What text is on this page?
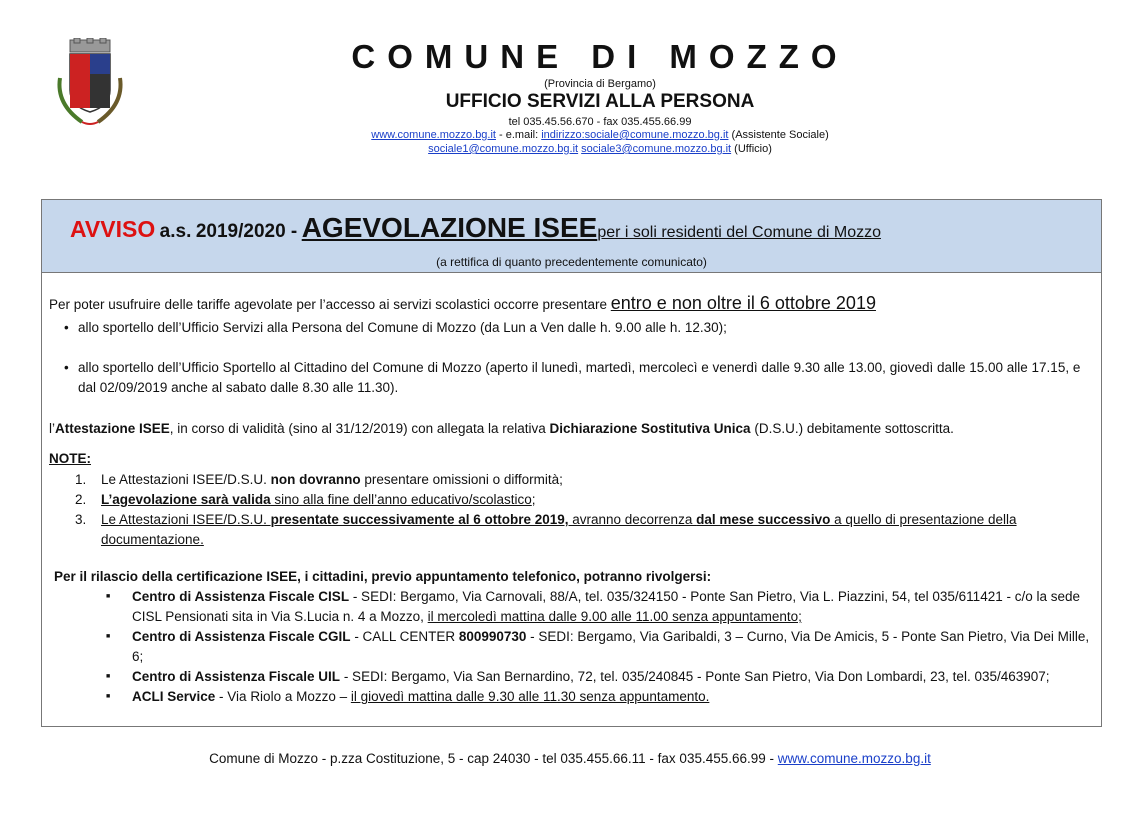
COMUNE DI MOZZO
(Provincia di Bergamo)
UFFICIO SERVIZI ALLA PERSONA
tel 035.45.56.670 - fax 035.455.66.99
www.comune.mozzo.bg.it - e.mail: indirizzo:sociale@comune.mozzo.bg.it (Assistente Sociale)
sociale1@comune.mozzo.bg.it sociale3@comune.mozzo.bg.it (Ufficio)
AVVISO a.s. 2019/2020 - AGEVOLAZIONE ISEEper i soli residenti del Comune di Mozzo
(a rettifica di quanto precedentemente comunicato)
Per poter usufruire delle tariffe agevolate per l’accesso ai servizi scolastici occorre presentare entro e non oltre il 6 ottobre 2019
• allo sportello dell’Ufficio Servizi alla Persona del Comune di Mozzo (da Lun a Ven dalle h. 9.00 alle h. 12.30);
• allo sportello dell’Ufficio Sportello al Cittadino del Comune di Mozzo (aperto il lunedì, martedì, mercolecì e venerdì dalle 9.30 alle 13.00, giovedì dalle 15.00 alle 17.15, e dal 02/09/2019 anche al sabato dalle 8.30 alle 11.30).
l’Attestazione ISEE, in corso di validità (sino al 31/12/2019) con allegata la relativa Dichiarazione Sostitutiva Unica (D.S.U.) debitamente sottoscritta.
NOTE:
1. Le Attestazioni ISEE/D.S.U. non dovranno presentare omissioni o difformità;
2. L’agevolazione sarà valida sino alla fine dell’anno educativo/scolastico;
3. Le Attestazioni ISEE/D.S.U. presentate successivamente al 6 ottobre 2019, avranno decorrenza dal mese successivo a quello di presentazione della documentazione.
Per il rilascio della certificazione ISEE, i cittadini, previo appuntamento telefonico, potranno rivolgersi:
■ Centro di Assistenza Fiscale CISL - SEDI: Bergamo, Via Carnovali, 88/A, tel. 035/324150 - Ponte San Pietro, Via L. Piazzini, 54, tel 035/611421 - c/o la sede CISL Pensionati sita in Via S.Lucia n. 4 a Mozzo, il mercoledì mattina dalle 9.00 alle 11.00 senza appuntamento;
■ Centro di Assistenza Fiscale CGIL - CALL CENTER 800990730 - SEDI: Bergamo, Via Garibaldi, 3 – Curno, Via De Amicis, 5 - Ponte San Pietro, Via Dei Mille, 6;
■ Centro di Assistenza Fiscale UIL - SEDI: Bergamo, Via San Bernardino, 72, tel. 035/240845 - Ponte San Pietro, Via Don Lombardi, 23, tel. 035/463907;
■ ACLI Service - Via Riolo a Mozzo – il giovedì mattina dalle 9.30 alle 11.30 senza appuntamento.
Comune di Mozzo - p.zza Costituzione, 5 - cap 24030 - tel 035.455.66.11 - fax 035.455.66.99 - www.comune.mozzo.bg.it
